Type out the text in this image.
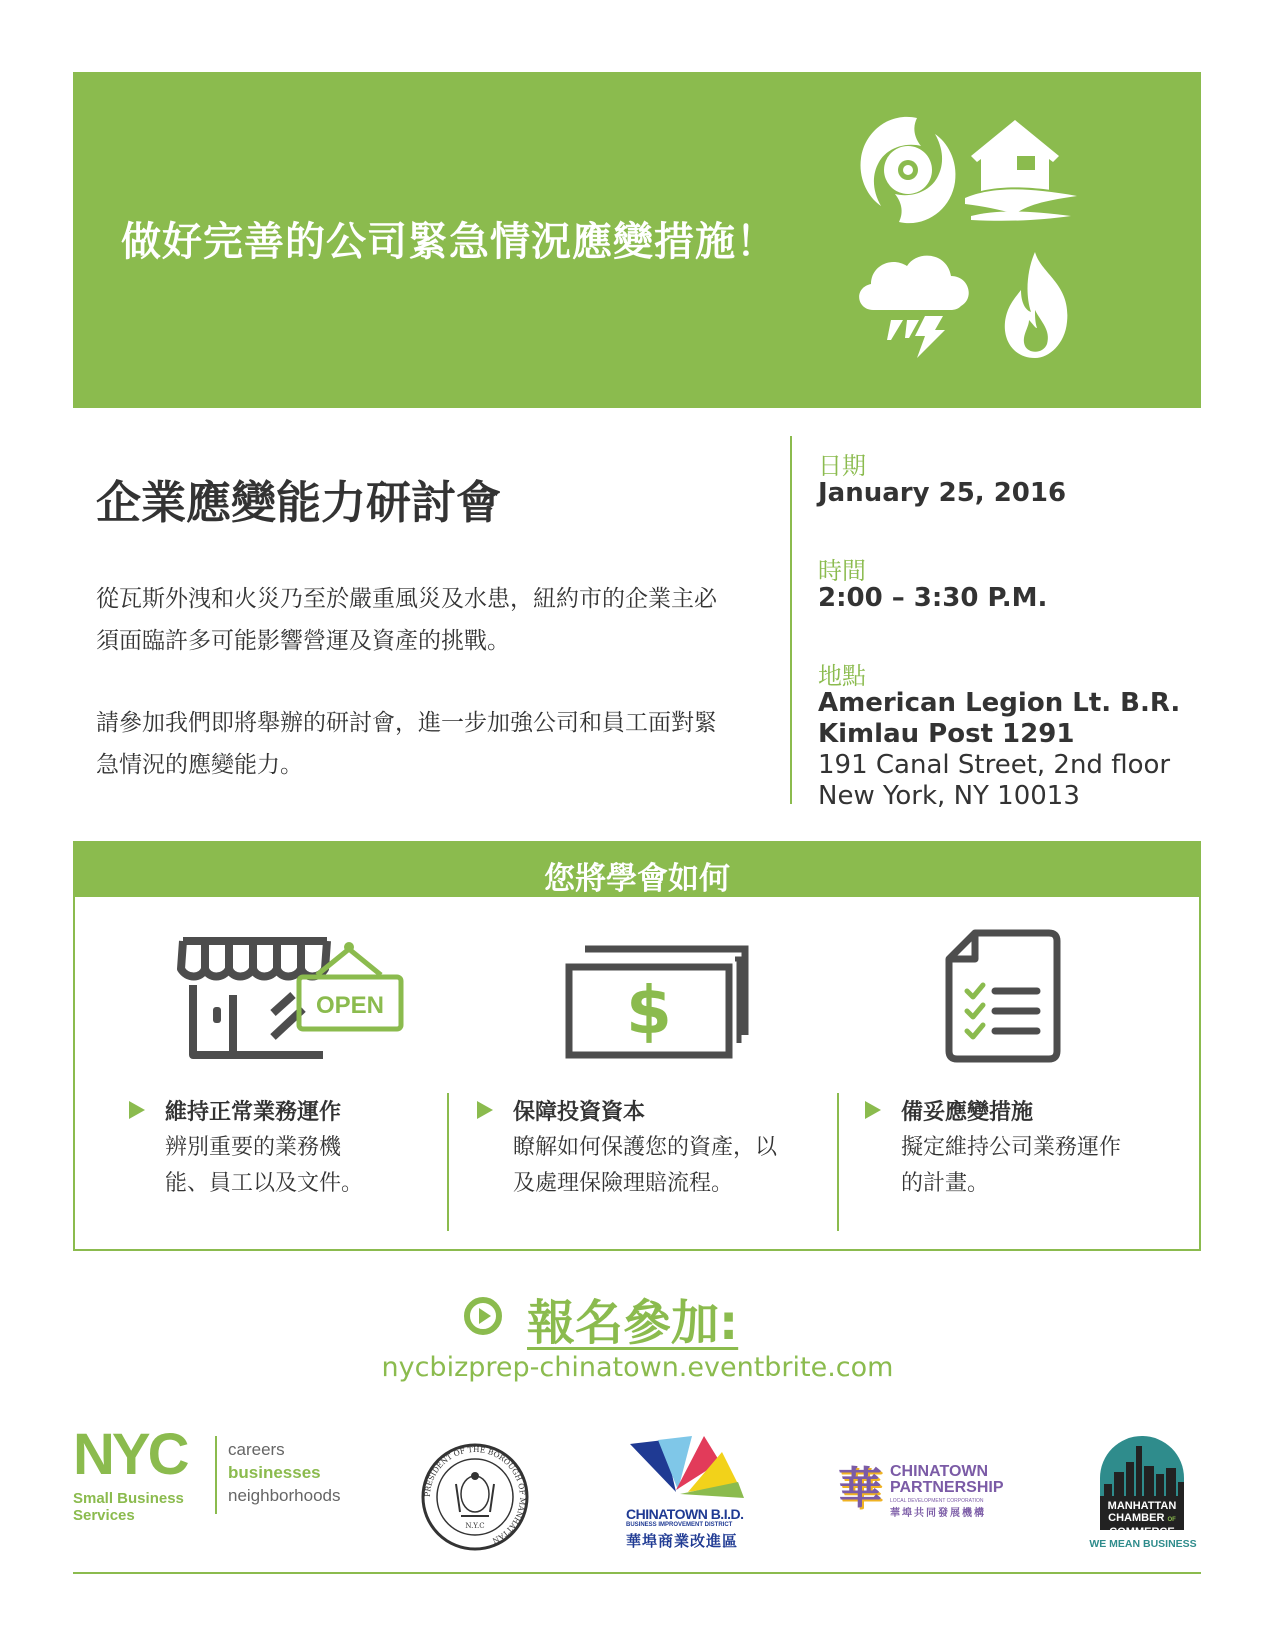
做好完善的公司緊急情況應變措施！
企業應變能力研討會
從瓦斯外洩和火災乃至於嚴重風災及水患，紐約市的企業主必須面臨許多可能影響營運及資產的挑戰。
請參加我們即將舉辦的研討會，進一步加強公司和員工面對緊急情況的應變能力。
日期
January 25, 2016
時間
2:00 – 3:30 P.M.
地點
American Legion Lt. B.R.
Kimlau Post 1291
191 Canal Street, 2nd floor
New York, NY 10013
您將學會如何
OPEN	$
維持正常業務運作
辨別重要的業務機能、員工以及文件。
保障投資資本
瞭解如何保護您的資產，以及處理保險理賠流程。
備妥應變措施
擬定維持公司業務運作的計畫。
報名參加:
nycbizprep-chinatown.eventbrite.com
NYC
Small Business
Services
careers
businesses
neighborhoods	PRESIDENT OF THE BOROUGH OF MANHATTAN
N.Y.C
CHINATOWN B.I.D.
BUSINESS IMPROVEMENT DISTRICT
華埠商業改進區
華 CHINATOWN
PARTNERSHIP
LOCAL DEVELOPMENT CORPORATION
華埠共同發展機構
MANHATTAN
CHAMBER OF
COMMERCE
WE MEAN BUSINESS
